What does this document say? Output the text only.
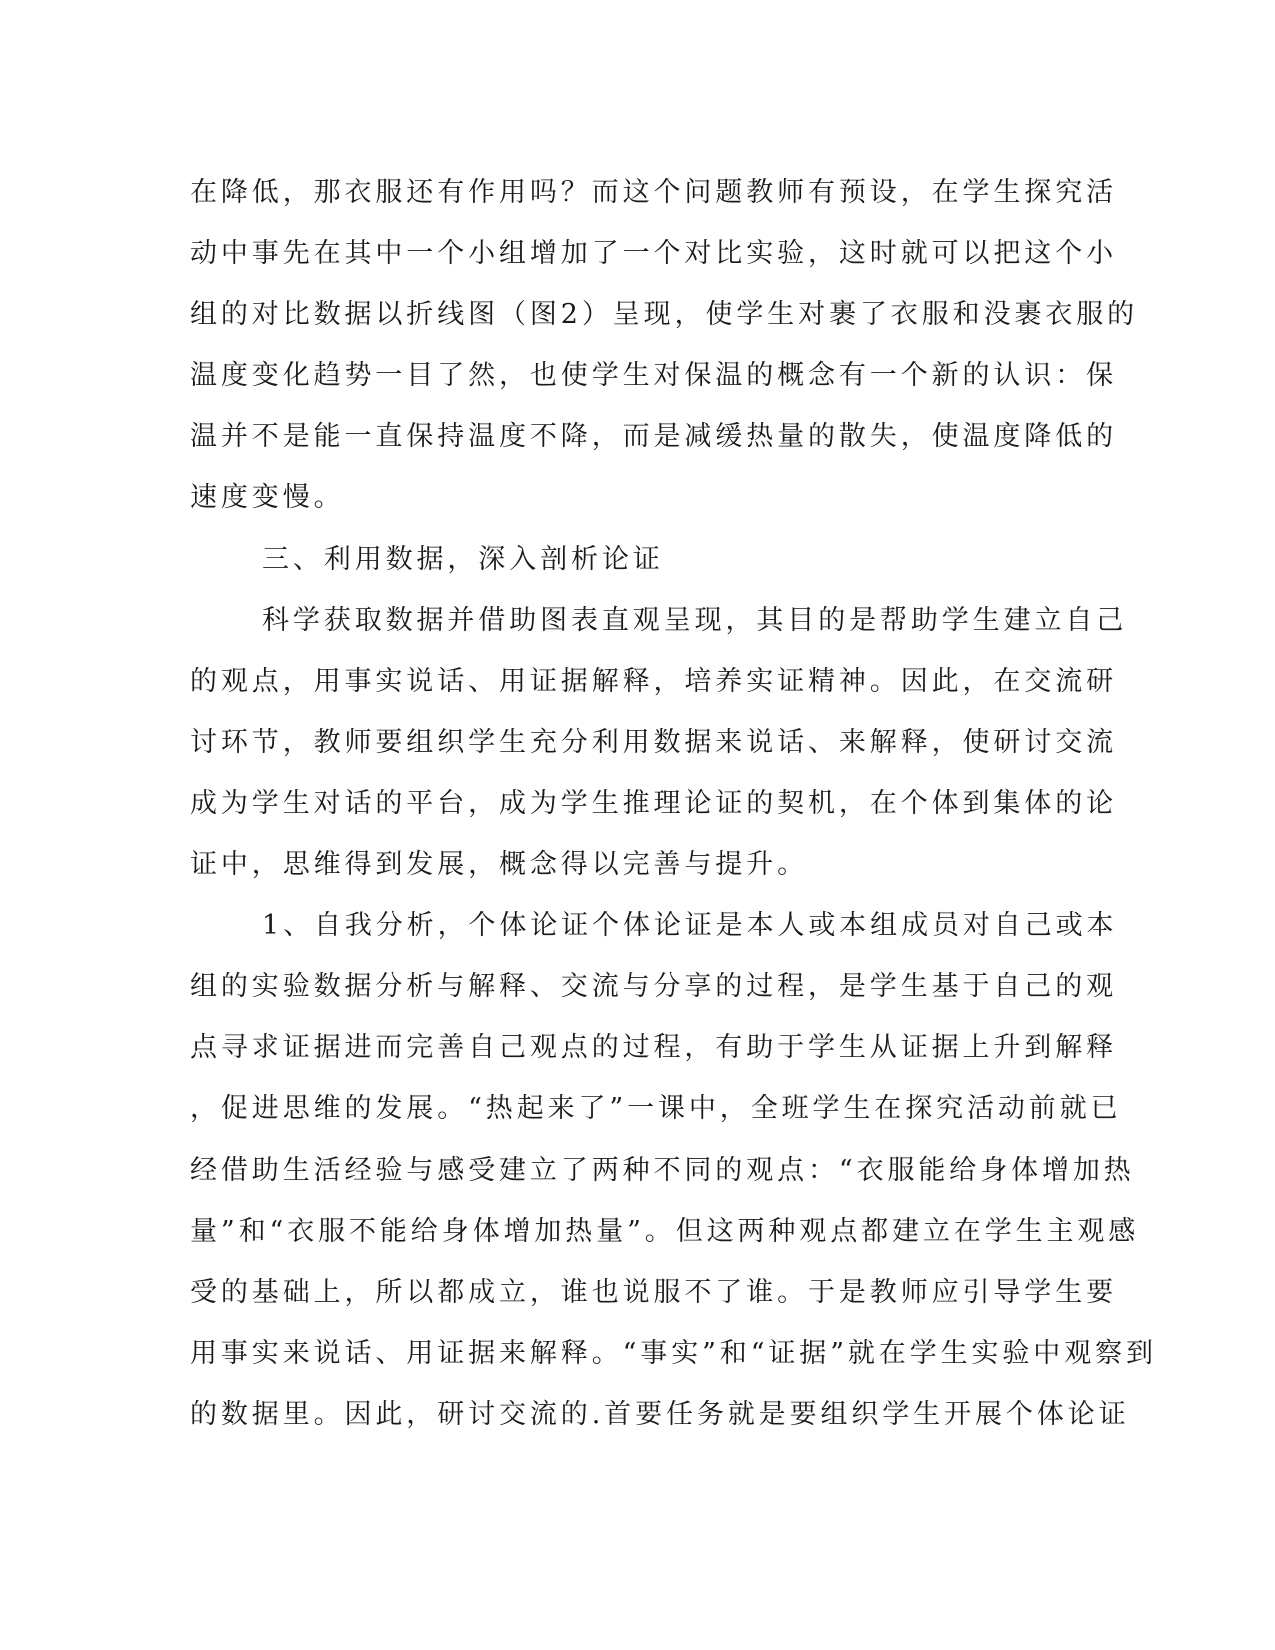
在降低，那衣服还有作用吗？而这个问题教师有预设，在学生探究活
动中事先在其中一个小组增加了一个对比实验，这时就可以把这个小
组的对比数据以折线图（图2）呈现，使学生对裹了衣服和没裹衣服的
温度变化趋势一目了然，也使学生对保温的概念有一个新的认识：保
温并不是能一直保持温度不降，而是减缓热量的散失，使温度降低的
速度变慢。
三、利用数据，深入剖析论证
科学获取数据并借助图表直观呈现，其目的是帮助学生建立自己
的观点，用事实说话、用证据解释，培养实证精神。因此，在交流研
讨环节，教师要组织学生充分利用数据来说话、来解释，使研讨交流
成为学生对话的平台，成为学生推理论证的契机，在个体到集体的论
证中，思维得到发展，概念得以完善与提升。
1、自我分析，个体论证个体论证是本人或本组成员对自己或本
组的实验数据分析与解释、交流与分享的过程，是学生基于自己的观
点寻求证据进而完善自己观点的过程，有助于学生从证据上升到解释
，促进思维的发展。“热起来了”一课中，全班学生在探究活动前就已
经借助生活经验与感受建立了两种不同的观点：“衣服能给身体增加热
量”和“衣服不能给身体增加热量”。但这两种观点都建立在学生主观感
受的基础上，所以都成立，谁也说服不了谁。于是教师应引导学生要
用事实来说话、用证据来解释。“事实”和“证据”就在学生实验中观察到
的数据里。因此，研讨交流的.首要任务就是要组织学生开展个体论证
